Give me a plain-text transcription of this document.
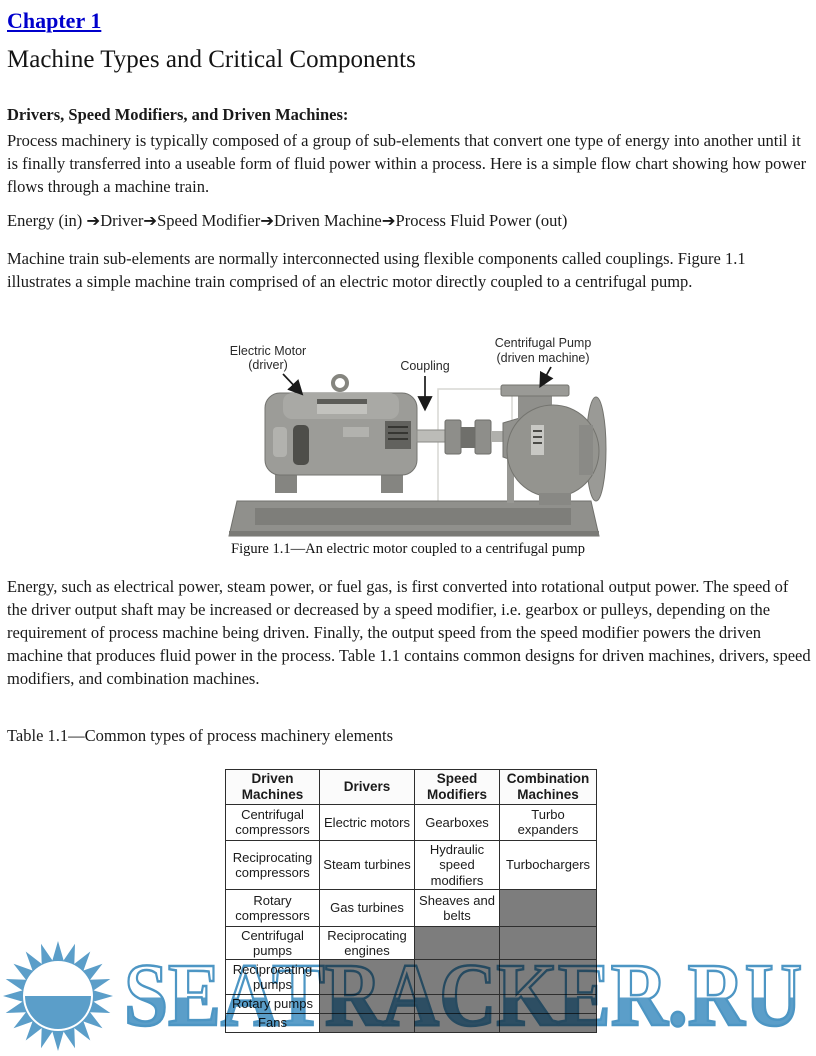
Chapter 1
Machine Types and Critical Components
Drivers, Speed Modifiers, and Driven Machines:
Process machinery is typically composed of a group of sub-elements that convert one type of energy into another until it is finally transferred into a useable form of fluid power within a process. Here is a simple flow chart showing how power flows through a machine train.
Energy (in) ➔Driver➔Speed Modifier➔Driven Machine➔Process Fluid Power (out)
Machine train sub-elements are normally interconnected using flexible components called couplings. Figure 1.1 illustrates a simple machine train comprised of an electric motor directly coupled to a centrifugal pump.
Electric Motor
(driver)	Coupling
Centrifugal Pump
(driven machine)
Figure 1.1—An electric motor coupled to a centrifugal pump
Energy, such as electrical power, steam power, or fuel gas, is first converted into rotational output power. The speed of the driver output shaft may be increased or decreased by a speed modifier, i.e. gearbox or pulleys, depending on the requirement of process machine being driven. Finally, the output speed from the speed modifier powers the driven machine that produces fluid power in the process. Table 1.1 contains common designs for driven machines, drivers, speed modifiers, and combination machines.
Table 1.1—Common types of process machinery elements
Driven Machines	Drivers	Speed Modifiers	Combination Machines
Centrifugal compressors	Electric motors	Gearboxes	Turbo expanders
Reciprocating compressors	Steam turbines	Hydraulic speed modifiers	Turbochargers
Rotary compressors	Gas turbines	Sheaves and belts	
Centrifugal pumps	Reciprocating engines		
Reciprocating pumps			
Rotary pumps			
Fans			
SEATRACKER.RU
